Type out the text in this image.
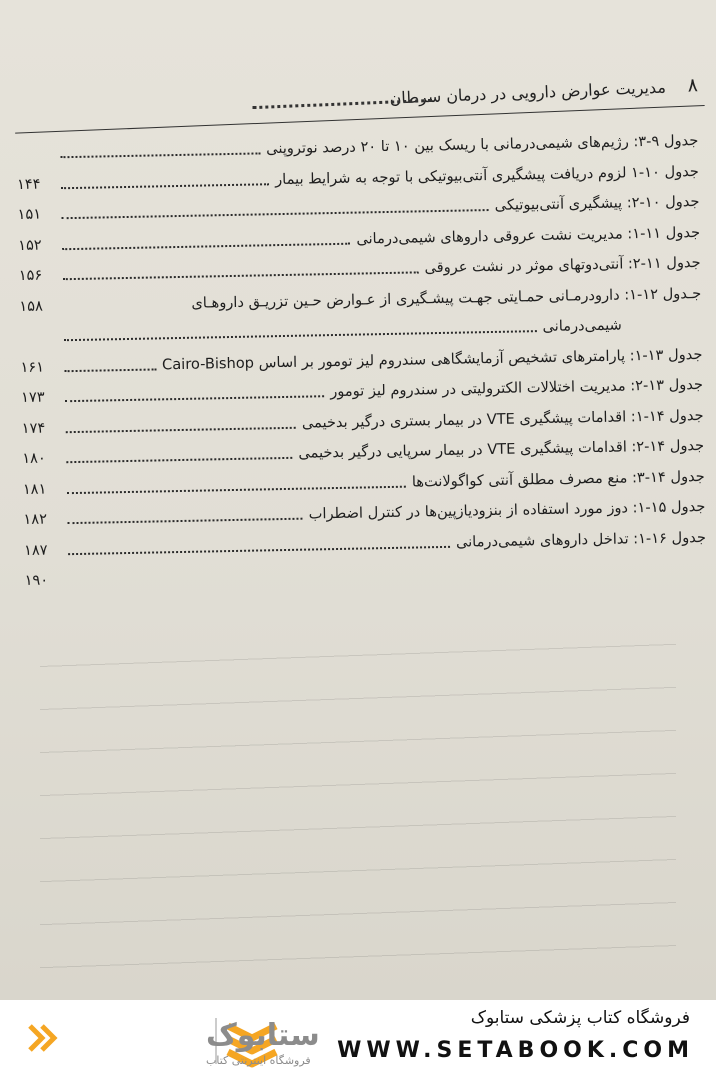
۸
مدیریت عوارض دارویی در درمان سرطان
جدول ۹-۳: رژیم‌های شیمی‌درمانی با ریسک بین ۱۰ تا ۲۰ درصد نوتروپنی
جدول ۱۰-۱ لزوم دریافت پیشگیری آنتی‌بیوتیکی با توجه به شرایط بیمار
۱۴۴
جدول ۱۰-۲: پیشگیری آنتی‌بیوتیکی
۱۵۱
جدول ۱۱-۱: مدیریت نشت عروقی داروهای شیمی‌درمانی
۱۵۲
جدول ۱۱-۲: آنتی‌دوتهای موثر در نشت عروقی
۱۵۶
جـدول ۱۲-۱: دارودرمـانی حمـایتی جهـت پیشـگیری از عـوارض حـین تزریـق داروهـای
۱۵۸
شیمی‌درمانی
جدول ۱۳-۱: پارامترهای تشخیص آزمایشگاهی سندروم لیز تومور بر اساس Cairo-Bishop
۱۶۱
جدول ۱۳-۲: مدیریت اختلالات الکترولیتی در سندروم لیز تومور
۱۷۳
جدول ۱۴-۱: اقدامات پیشگیری VTE در بیمار بستری درگیر بدخیمی
۱۷۴
جدول ۱۴-۲: اقدامات پیشگیری VTE در بیمار سرپایی درگیر بدخیمی
۱۸۰
جدول ۱۴-۳: منع مصرف مطلق آنتی کواگولانت‌ها
۱۸۱
جدول ۱۵-۱: دوز مورد استفاده از بنزودیازپین‌ها در کنترل اضطراب
۱۸۲
جدول ۱۶-۱: تداخل داروهای شیمی‌درمانی
۱۸۷
۱۹۰
ستابوک
فروشگاه اینترنتی کتاب
فروشگاه کتاب پزشکی ستابوک
WWW.SETABOOK.COM
